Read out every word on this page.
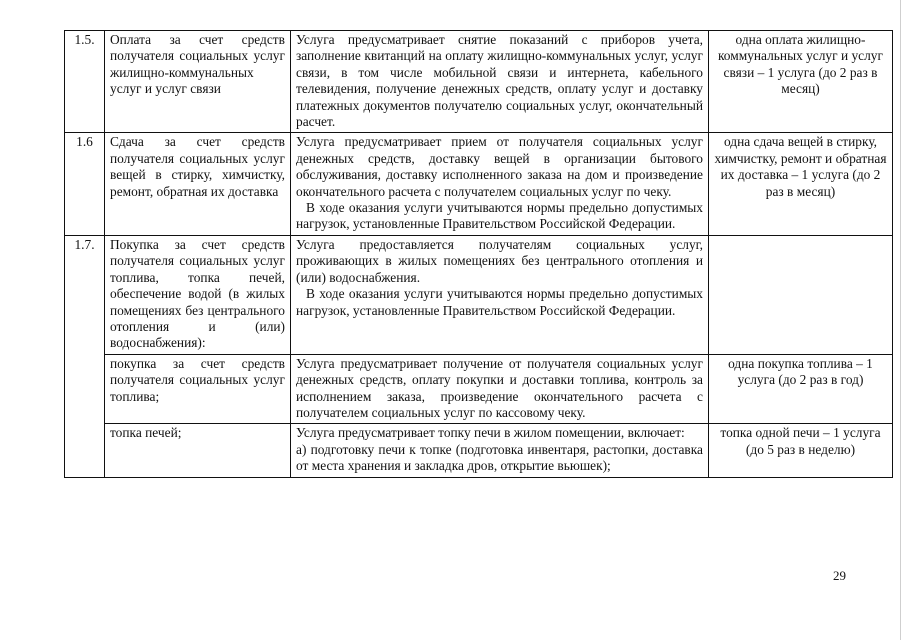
1.5.	Оплата за счет средств получателя социальных услуг жилищно-коммунальных услуг и услуг связи	Услуга предусматривает снятие показаний с приборов учета, заполнение квитанций на оплату жилищно-коммунальных услуг, услуг связи, в том числе мобильной связи и интернета, кабельного телевидения, получение денежных средств, оплату услуг и доставку платежных документов получателю социальных услуг, окончательный расчет.	одна оплата жилищно-коммунальных услуг и услуг связи – 1 услуга (до 2 раз в месяц)
1.6	Сдача за счет средств получателя социальных услуг вещей в стирку, химчистку, ремонт, обратная их доставка	Услуга предусматривает прием от получателя социальных услуг денежных средств, доставку вещей в организации бытового обслуживания, доставку исполненного заказа на дом и произведение окончательного расчета с получателем социальных услуг по чеку.
В ходе оказания услуги учитываются нормы предельно допустимых нагрузок, установленные Правительством Российской Федерации.	одна сдача вещей в стирку, химчистку, ремонт и обратная их доставка – 1 услуга (до 2 раз в месяц)
1.7.	Покупка за счет средств получателя социальных услуг топлива, топка печей, обеспечение водой (в жилых помещениях без центрального отопления и (или) водоснабжения):	Услуга предоставляется получателям социальных услуг, проживающих в жилых помещениях без центрального отопления и (или) водоснабжения.
В ходе оказания услуги учитываются нормы предельно допустимых нагрузок, установленные Правительством Российской Федерации.	

	покупка за счет средств получателя социальных услуг топлива;	Услуга предусматривает получение от получателя социальных услуг денежных средств, оплату покупки и доставки топлива, контроль за исполнением заказа, произведение окончательного расчета с получателем социальных услуг по кассовому чеку.	одна покупка топлива – 1 услуга (до 2 раз в год)
	топка печей;	Услуга предусматривает топку печи в жилом помещении, включает:
а) подготовку печи к топке (подготовка инвентаря, растопки, доставка от места хранения и закладка дров, открытие вьюшек);	топка одной печи – 1 услуга (до 5 раз в неделю)
29
